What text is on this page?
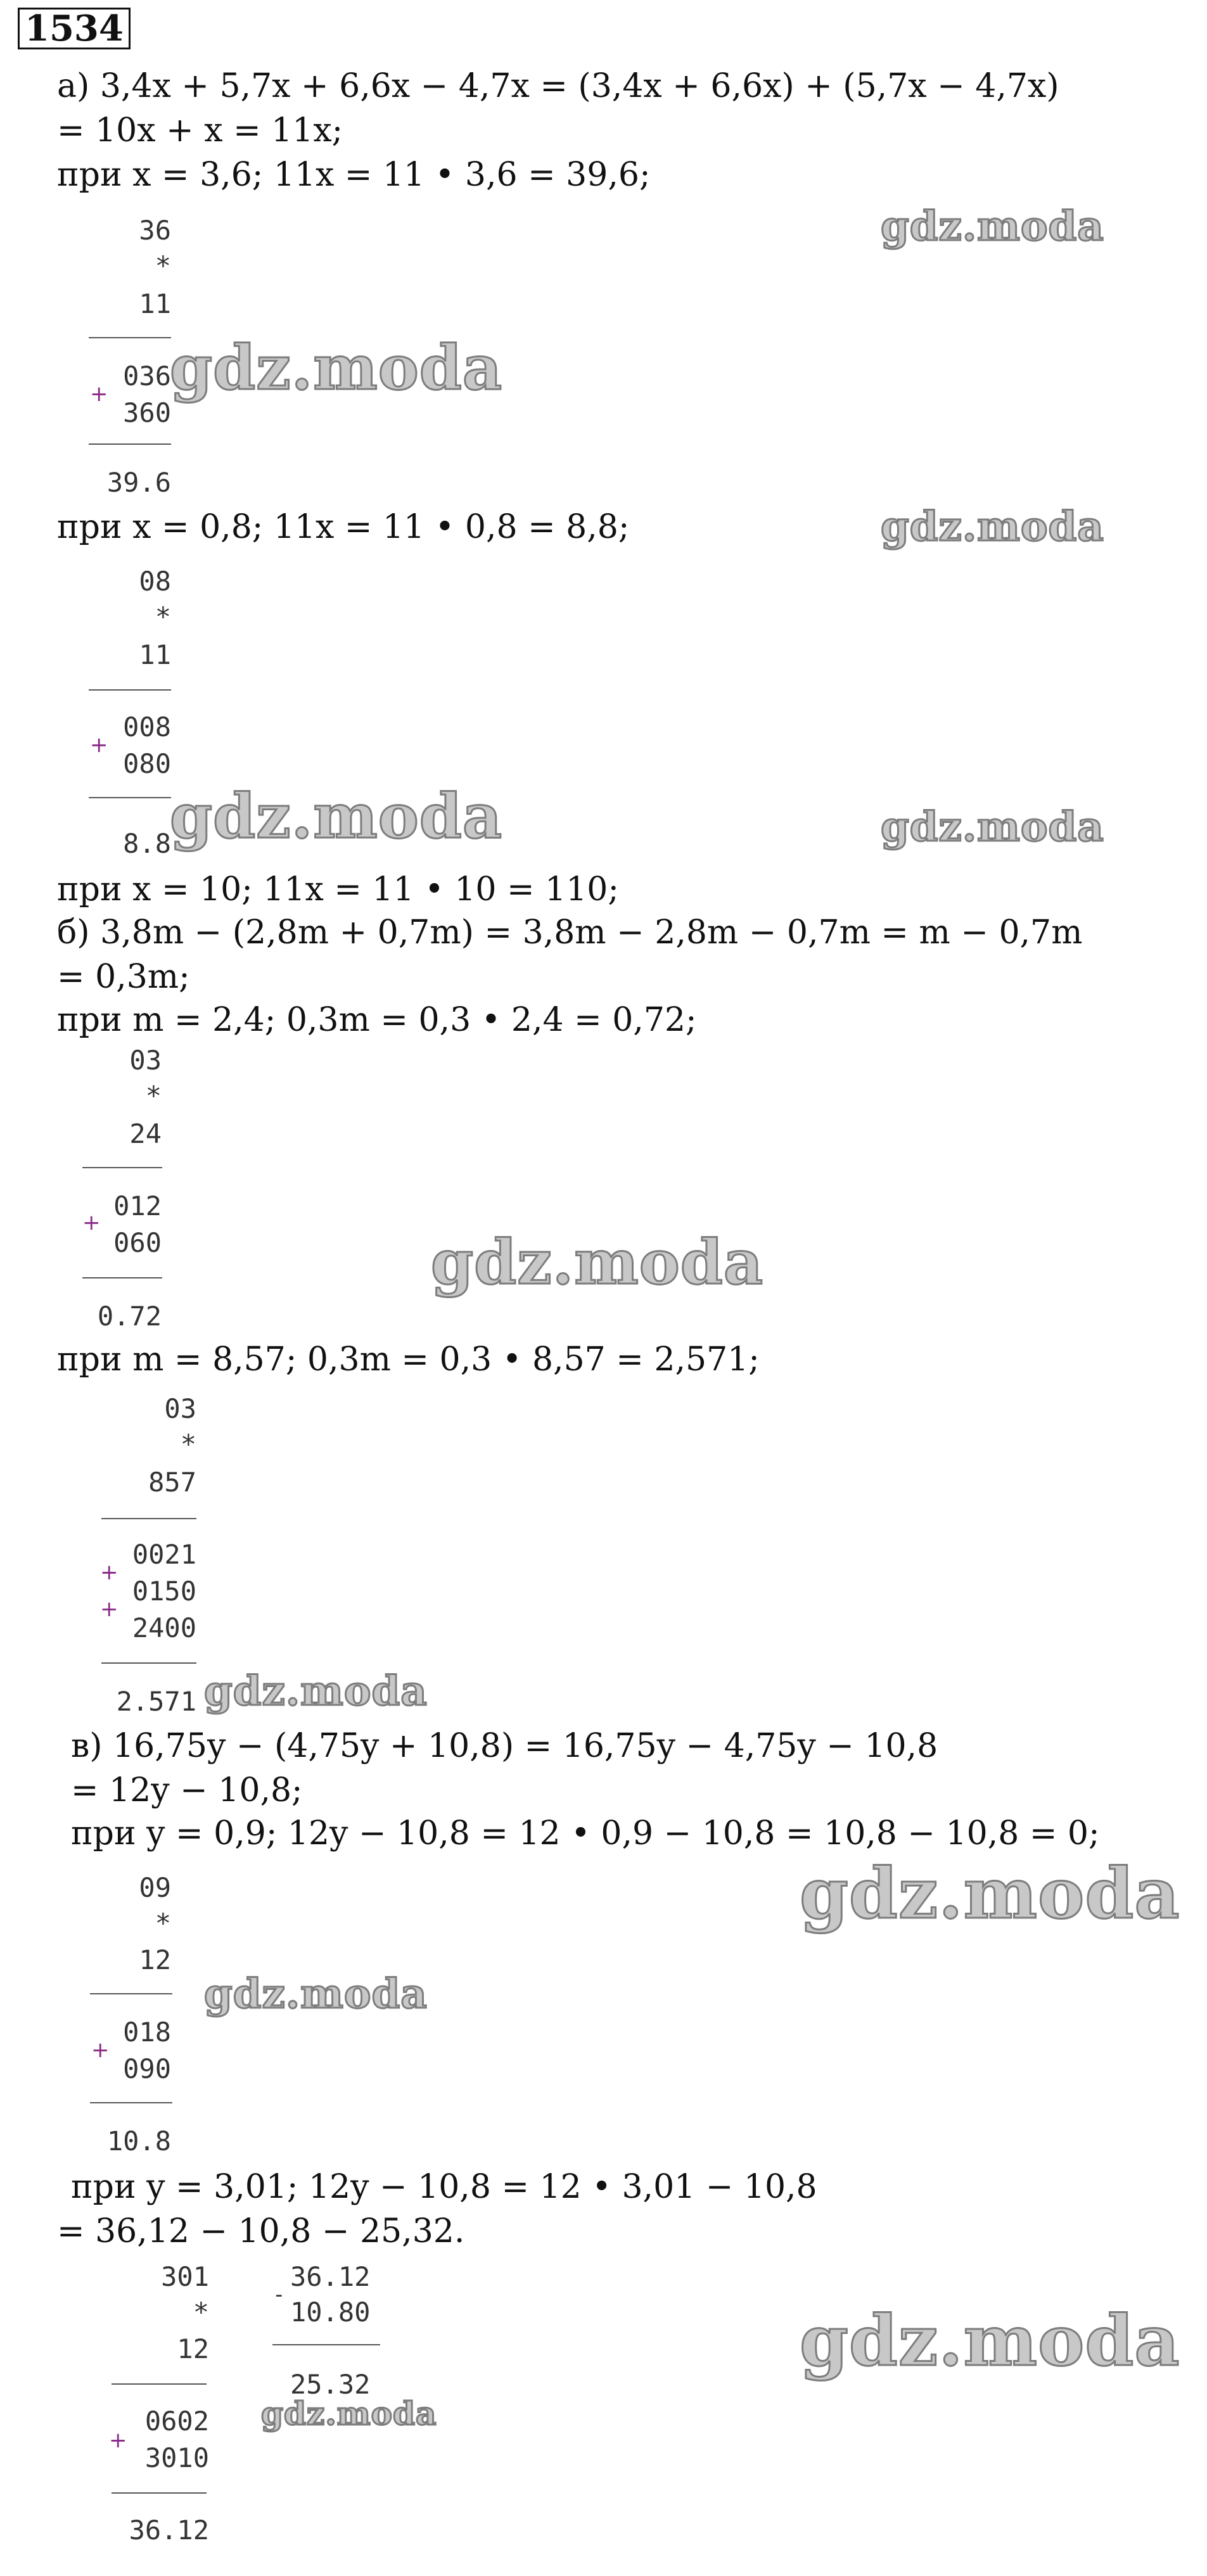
1534
а) 3,4x + 5,7x + 6,6x − 4,7x = (3,4x + 6,6x) + (5,7x − 4,7x)
= 10x + x = 11x;
при x = 3,6; 11x = 11 • 3,6 = 39,6;
36
*
11
036
+
360
39.6
при x = 0,8; 11x = 11 • 0,8 = 8,8;
08
*
11
008
+
080
8.8
при x = 10; 11x = 11 • 10 = 110;
б) 3,8m − (2,8m + 0,7m) = 3,8m − 2,8m − 0,7m = m − 0,7m
= 0,3m;
при m = 2,4; 0,3m = 0,3 • 2,4 = 0,72;
03
*
24
012
+
060
0.72
при m = 8,57; 0,3m = 0,3 • 8,57 = 2,571;
03
*
857
0021
+
0150
+
2400
2.571
в) 16,75y − (4,75y + 10,8) = 16,75y − 4,75y − 10,8
= 12y − 10,8;
при y = 0,9; 12y − 10,8 = 12 • 0,9 − 10,8 = 10,8 − 10,8 = 0;
09
*
12
018
+
090
10.8
при y = 3,01; 12y − 10,8 = 12 • 3,01 − 10,8
= 36,12 − 10,8 − 25,32.
301
*
12
0602
+
3010
36.12
-
36.12
10.80
25.32
gdz.moda
gdz.moda
gdz.moda
gdz.moda	gdz.moda
gdz.moda
gdz.moda
gdz.moda
gdz.moda
gdz.moda
gdz.moda
